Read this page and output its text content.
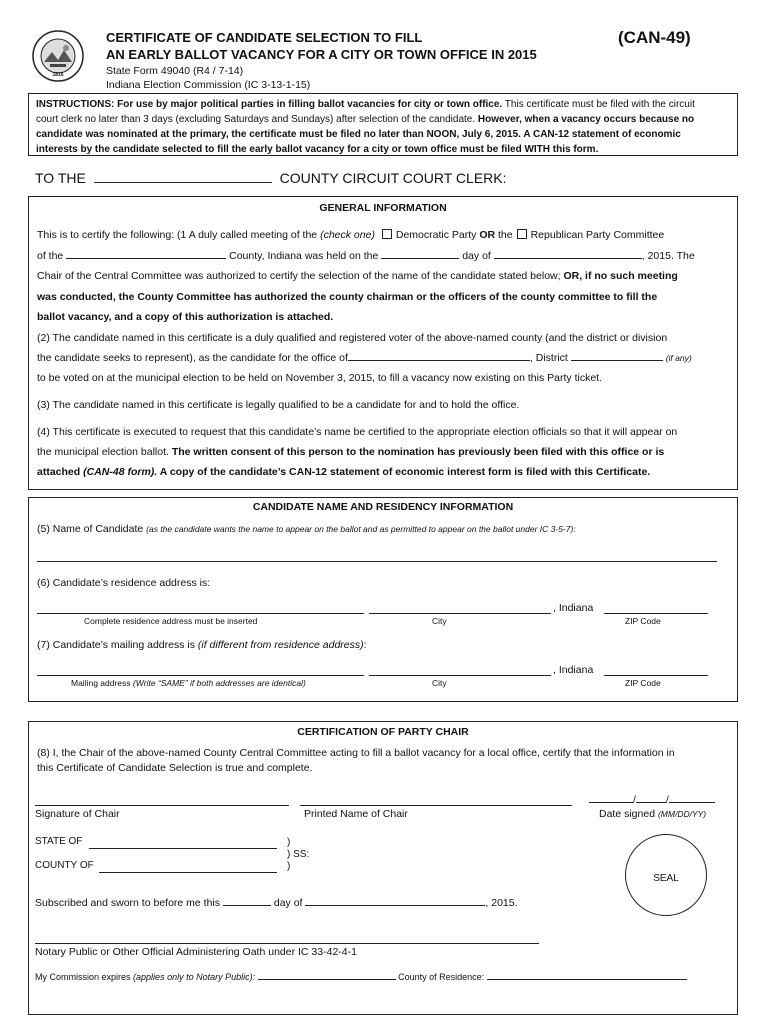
1816
CERTIFICATE OF CANDIDATE SELECTION TO FILL
AN EARLY BALLOT VACANCY FOR A CITY OR TOWN OFFICE IN 2015
(CAN-49)
State Form 49040 (R4 / 7-14)
Indiana Election Commission (IC 3-13-1-15)
INSTRUCTIONS: For use by major political parties in filling ballot vacancies for city or town office. This certificate must be filed with the circuit
court clerk no later than 3 days (excluding Saturdays and Sundays) after selection of the candidate. However, when a vacancy occurs because no
candidate was nominated at the primary, the certificate must be filed no later than NOON, July 6, 2015. A CAN-12 statement of economic
interests by the candidate selected to fill the early ballot vacancy for a city or town office must be filed WITH this form.
TO THE	COUNTY CIRCUIT COURT CLERK:
GENERAL INFORMATION
This is to certify the following: (1 A duly called meeting of the (check one) Democratic Party OR the Republican Party Committee
of the	County, Indiana was held on the	day of	, 2015. The
Chair of the Central Committee was authorized to certify the selection of the name of the candidate stated below; OR, if no such meeting
was conducted, the County Committee has authorized the county chairman or the officers of the county committee to fill the
ballot vacancy, and a copy of this authorization is attached.
(2) The candidate named in this certificate is a duly qualified and registered voter of the above-named county (and the district or division
the candidate seeks to represent), as the candidate for the office of	, District	(if any)
to be voted on at the municipal election to be held on November 3, 2015, to fill a vacancy now existing on this Party ticket.
(3) The candidate named in this certificate is legally qualified to be a candidate for and to hold the office.
(4) This certificate is executed to request that this candidate’s name be certified to the appropriate election officials so that it will appear on
the municipal election ballot. The written consent of this person to the nomination has previously been filed with this office or is
attached (CAN-48 form). A copy of the candidate’s CAN-12 statement of economic interest form is filed with this Certificate.
CANDIDATE NAME AND RESIDENCY INFORMATION
(5) Name of Candidate (as the candidate wants the name to appear on the ballot and as permitted to appear on the ballot under IC 3-5-7):
(6) Candidate’s residence address is:
, Indiana
Complete residence address must be inserted	City	ZIP Code
(7) Candidate’s mailing address is (if different from residence address):
, Indiana
Mailing address (Write “SAME” if both addresses are identical)	City	ZIP Code
CERTIFICATION OF PARTY CHAIR
(8) I, the Chair of the above-named County Central Committee acting to fill a ballot vacancy for a local office, certify that the information in
this Certificate of Candidate Selection is true and complete.
/	/
Signature of Chair	Printed Name of Chair	Date signed (MM/DD/YY)
STATE OF
COUNTY OF
)
) SS:
)
SEAL
Subscribed and sworn to before me this	day of	, 2015.
Notary Public or Other Official Administering Oath under IC 33-42-4-1
My Commission expires (applies only to Notary Public):	County of Residence:
